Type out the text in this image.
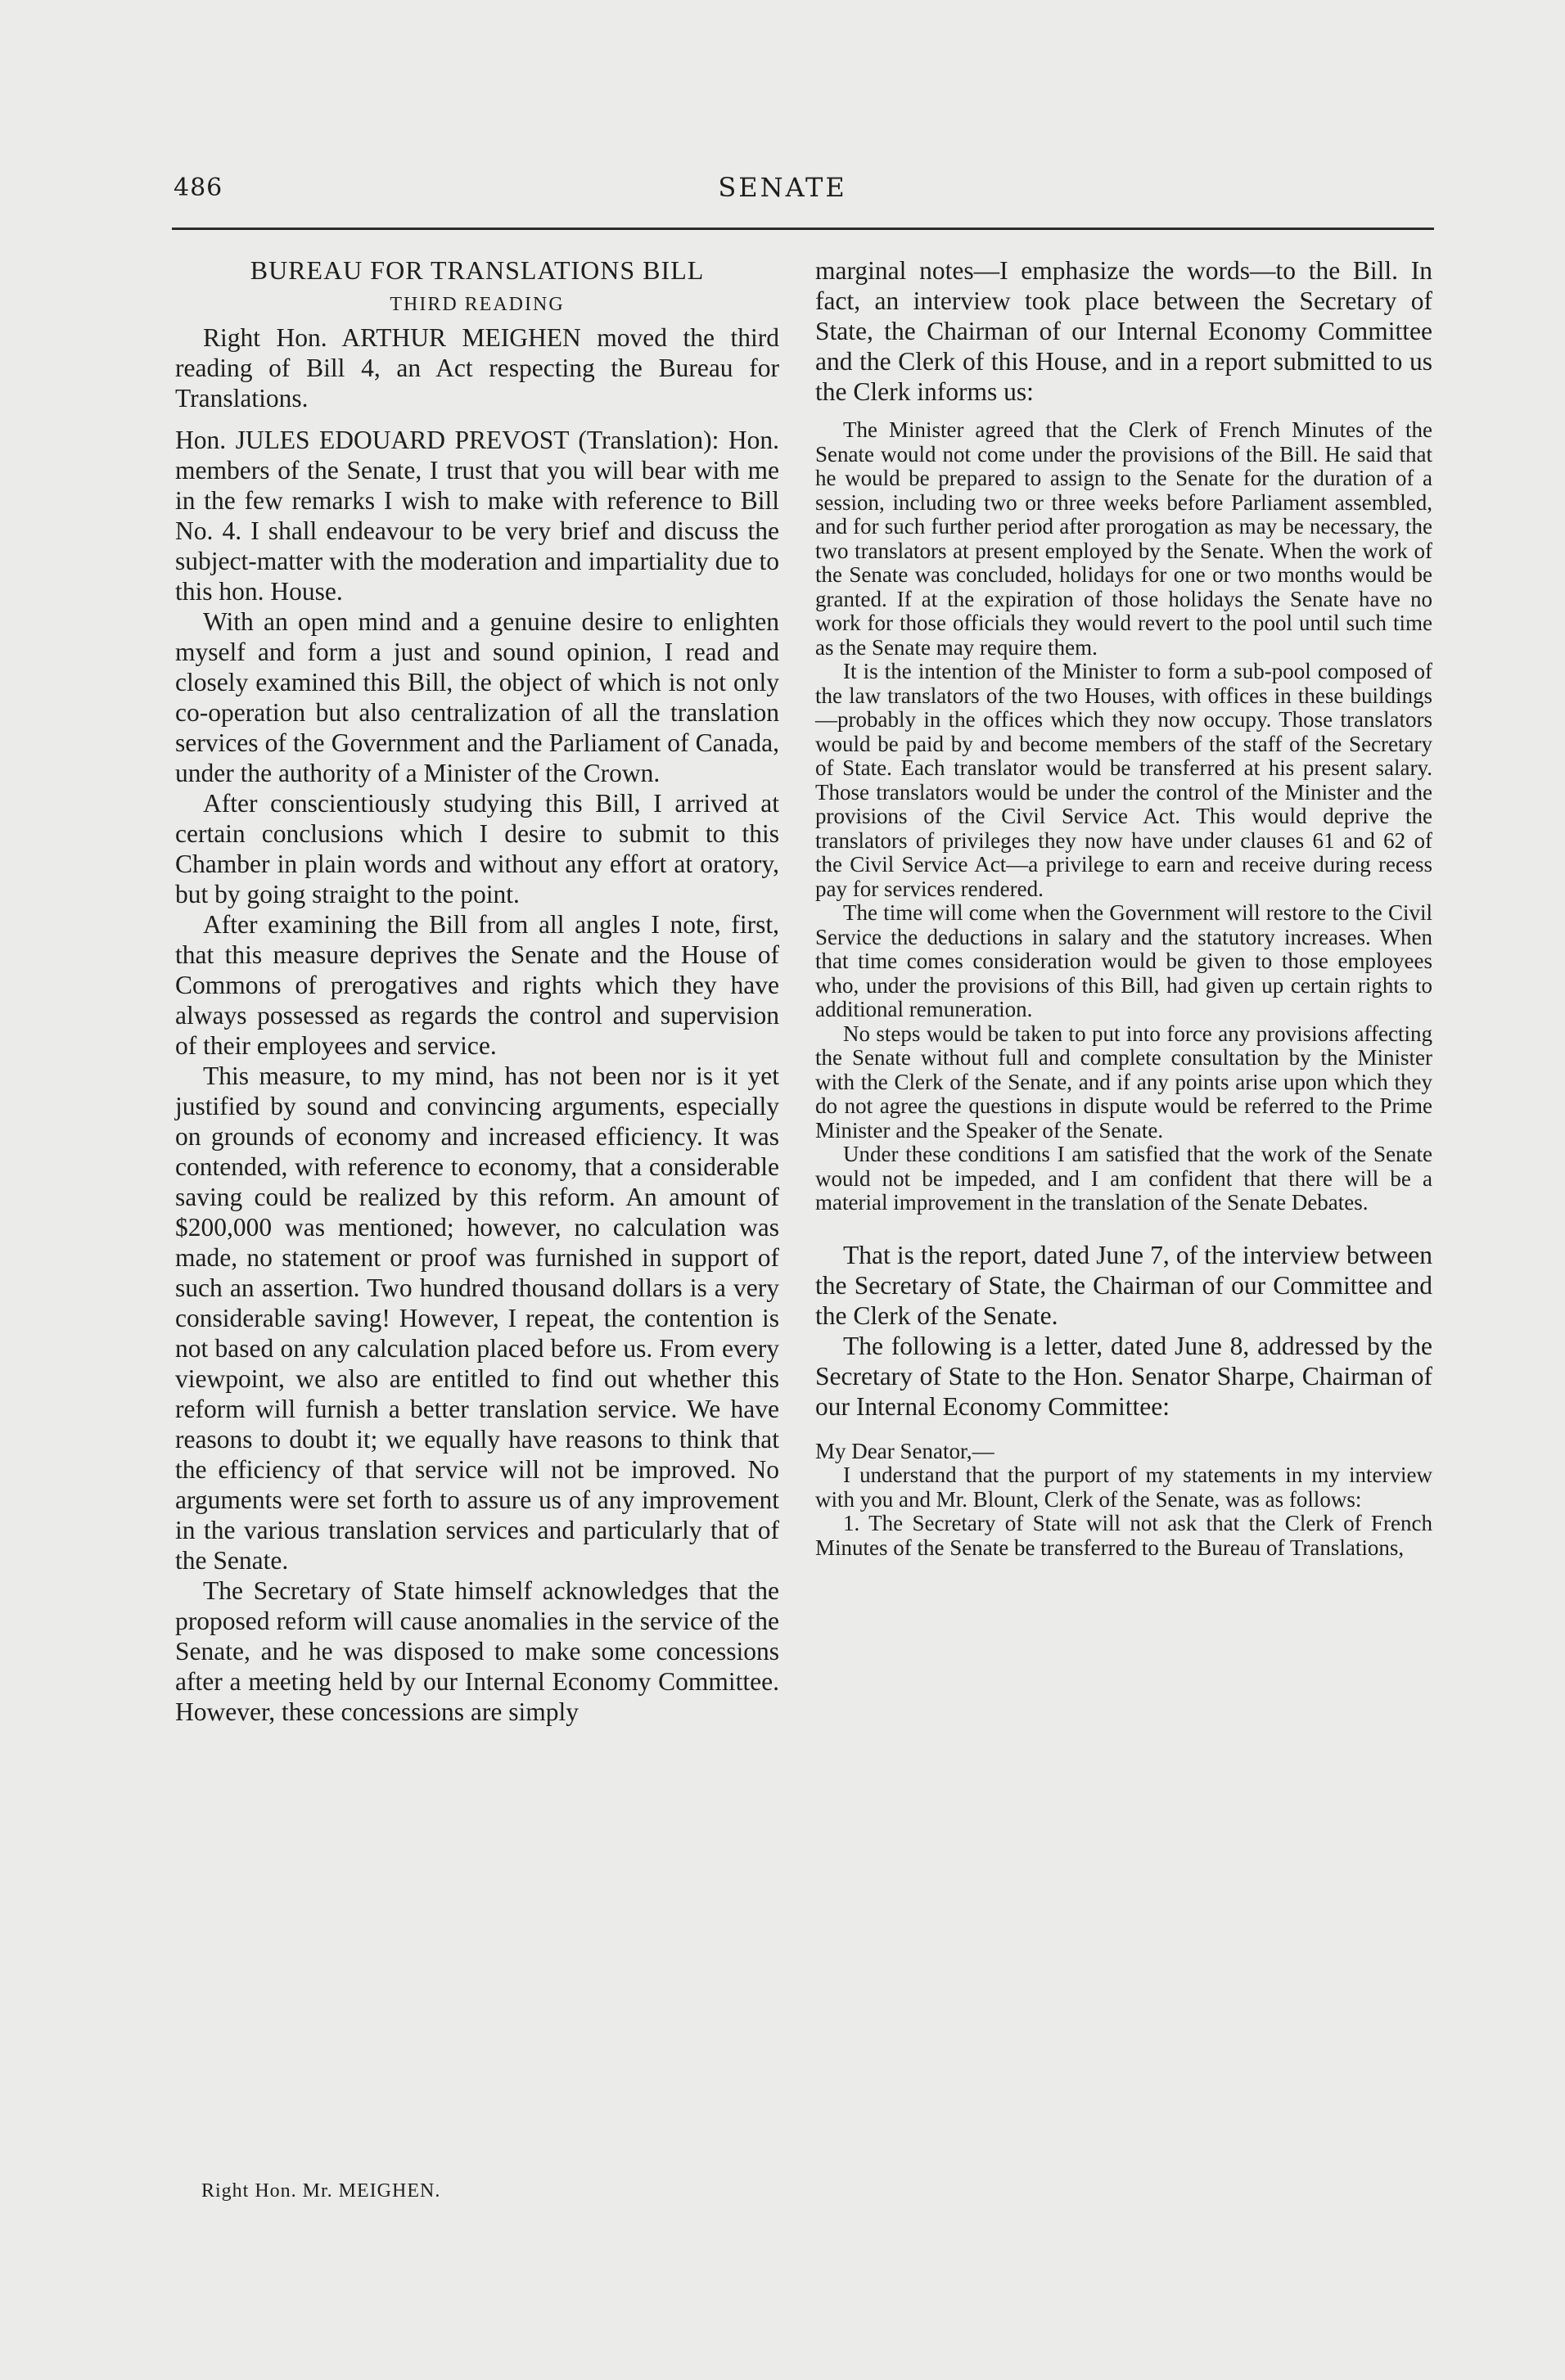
486	SENATE
BUREAU FOR TRANSLATIONS BILL
THIRD READING

Right Hon. ARTHUR MEIGHEN moved the third reading of Bill 4, an Act respecting the Bureau for Translations.

Hon. JULES EDOUARD PREVOST (Translation): Hon. members of the Senate, I trust that you will bear with me in the few remarks I wish to make with reference to Bill No. 4. I shall endeavour to be very brief and discuss the subject-matter with the moderation and impartiality due to this hon. House.

With an open mind and a genuine desire to enlighten myself and form a just and sound opinion, I read and closely examined this Bill, the object of which is not only co-operation but also centralization of all the translation services of the Government and the Parliament of Canada, under the authority of a Minister of the Crown.

After conscientiously studying this Bill, I arrived at certain conclusions which I desire to submit to this Chamber in plain words and without any effort at oratory, but by going straight to the point.

After examining the Bill from all angles I note, first, that this measure deprives the Senate and the House of Commons of prerogatives and rights which they have always possessed as regards the control and supervision of their employees and service.

This measure, to my mind, has not been nor is it yet justified by sound and convincing arguments, especially on grounds of economy and increased efficiency. It was contended, with reference to economy, that a considerable saving could be realized by this reform. An amount of $200,000 was mentioned; however, no calculation was made, no statement or proof was furnished in support of such an assertion. Two hundred thousand dollars is a very considerable saving! However, I repeat, the contention is not based on any calculation placed before us. From every viewpoint, we also are entitled to find out whether this reform will furnish a better translation service. We have reasons to doubt it; we equally have reasons to think that the efficiency of that service will not be improved. No arguments were set forth to assure us of any improvement in the various translation services and particularly that of the Senate.

The Secretary of State himself acknowledges that the proposed reform will cause anomalies in the service of the Senate, and he was disposed to make some concessions after a meeting held by our Internal Economy Committee. However, these concessions are simply

Right Hon. Mr. MEIGHEN.

marginal notes—I emphasize the words—to the Bill. In fact, an interview took place between the Secretary of State, the Chairman of our Internal Economy Committee and the Clerk of this House, and in a report submitted to us the Clerk informs us:

The Minister agreed that the Clerk of French Minutes of the Senate would not come under the provisions of the Bill. He said that he would be prepared to assign to the Senate for the duration of a session, including two or three weeks before Parliament assembled, and for such further period after prorogation as may be necessary, the two translators at present employed by the Senate. When the work of the Senate was concluded, holidays for one or two months would be granted. If at the expiration of those holidays the Senate have no work for those officials they would revert to the pool until such time as the Senate may require them.

It is the intention of the Minister to form a sub-pool composed of the law translators of the two Houses, with offices in these buildings—probably in the offices which they now occupy. Those translators would be paid by and become members of the staff of the Secretary of State. Each translator would be transferred at his present salary. Those translators would be under the control of the Minister and the provisions of the Civil Service Act. This would deprive the translators of privileges they now have under clauses 61 and 62 of the Civil Service Act—a privilege to earn and receive during recess pay for services rendered.

The time will come when the Government will restore to the Civil Service the deductions in salary and the statutory increases. When that time comes consideration would be given to those employees who, under the provisions of this Bill, had given up certain rights to additional remuneration.

No steps would be taken to put into force any provisions affecting the Senate without full and complete consultation by the Minister with the Clerk of the Senate, and if any points arise upon which they do not agree the questions in dispute would be referred to the Prime Minister and the Speaker of the Senate.

Under these conditions I am satisfied that the work of the Senate would not be impeded, and I am confident that there will be a material improvement in the translation of the Senate Debates.

That is the report, dated June 7, of the interview between the Secretary of State, the Chairman of our Committee and the Clerk of the Senate.

The following is a letter, dated June 8, addressed by the Secretary of State to the Hon. Senator Sharpe, Chairman of our Internal Economy Committee:

My Dear Senator,—

I understand that the purport of my statements in my interview with you and Mr. Blount, Clerk of the Senate, was as follows:

1. The Secretary of State will not ask that the Clerk of French Minutes of the Senate be transferred to the Bureau of Translations,
